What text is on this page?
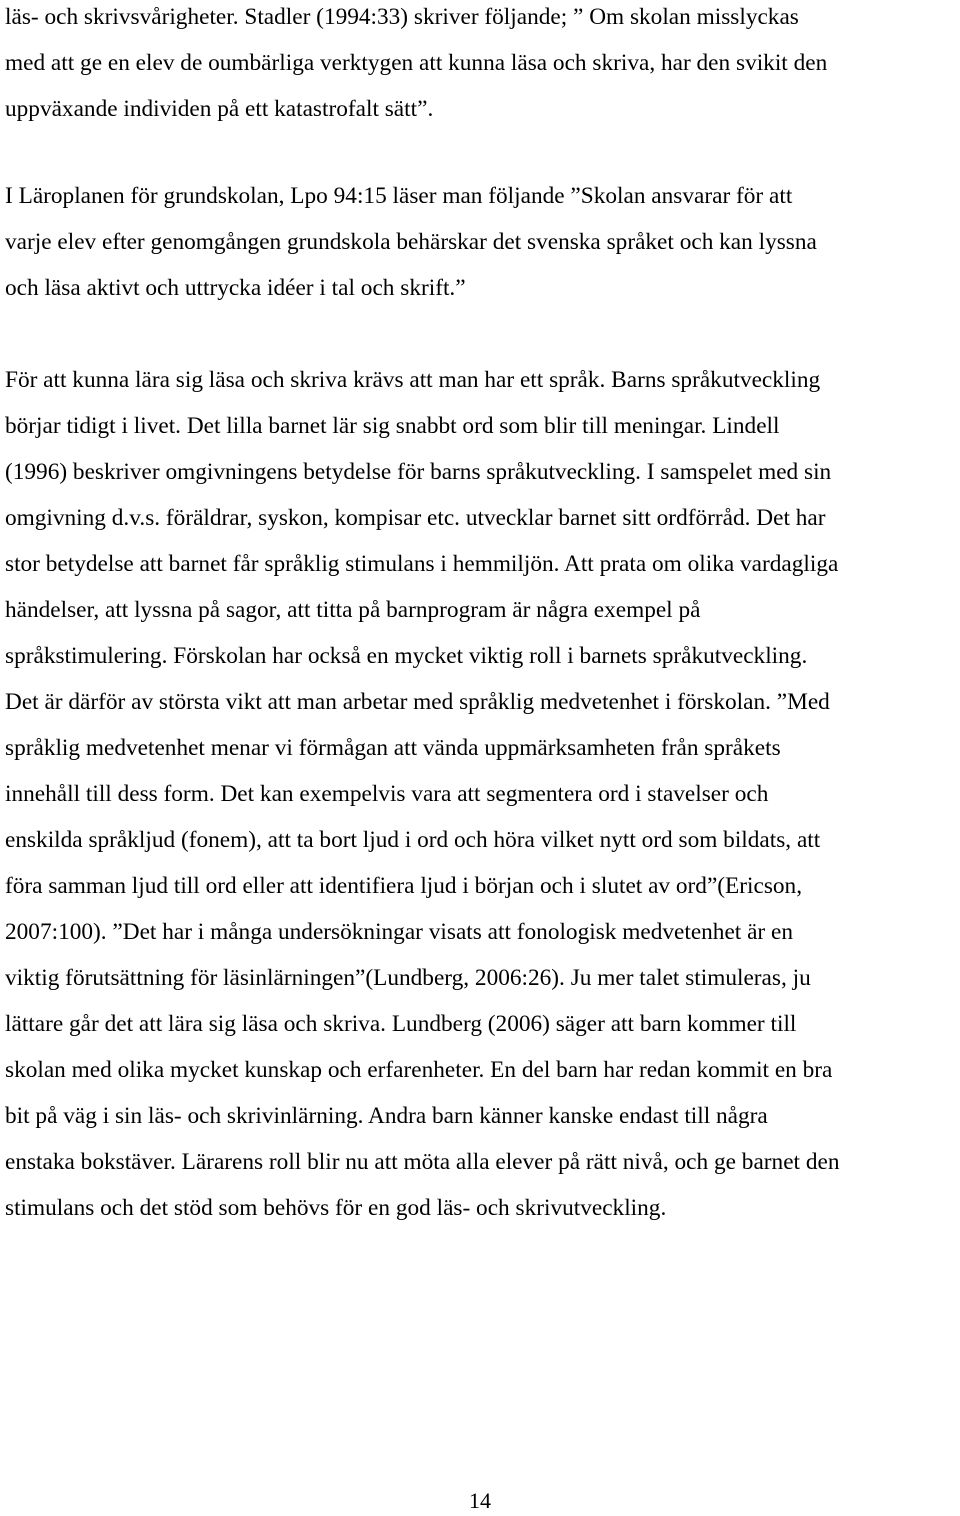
läs- och skrivsvårigheter. Stadler (1994:33) skriver följande; ” Om skolan misslyckas
med att ge en elev de oumbärliga verktygen att kunna läsa och skriva, har den svikit den
uppväxande individen på ett katastrofalt sätt”.
I Läroplanen för grundskolan, Lpo 94:15 läser man följande ”Skolan ansvarar för att
varje elev efter genomgången grundskola behärskar det svenska språket och kan lyssna
och läsa aktivt och uttrycka idéer i tal och skrift.”
För att kunna lära sig läsa och skriva krävs att man har ett språk. Barns språkutveckling
börjar tidigt i livet. Det lilla barnet lär sig snabbt ord som blir till meningar. Lindell
(1996) beskriver omgivningens betydelse för barns språkutveckling. I samspelet med sin
omgivning d.v.s. föräldrar, syskon, kompisar etc. utvecklar barnet sitt ordförråd. Det har
stor betydelse att barnet får språklig stimulans i hemmiljön. Att prata om olika vardagliga
händelser, att lyssna på sagor, att titta på barnprogram är några exempel på
språkstimulering. Förskolan har också en mycket viktig roll i barnets språkutveckling.
Det är därför av största vikt att man arbetar med språklig medvetenhet i förskolan. ”Med
språklig medvetenhet menar vi förmågan att vända uppmärksamheten från språkets
innehåll till dess form. Det kan exempelvis vara att segmentera ord i stavelser och
enskilda språkljud (fonem), att ta bort ljud i ord och höra vilket nytt ord som bildats, att
föra samman ljud till ord eller att identifiera ljud i början och i slutet av ord”(Ericson,
2007:100). ”Det har i många undersökningar visats att fonologisk medvetenhet är en
viktig förutsättning för läsinlärningen”(Lundberg, 2006:26). Ju mer talet stimuleras, ju
lättare går det att lära sig läsa och skriva. Lundberg (2006) säger att barn kommer till
skolan med olika mycket kunskap och erfarenheter. En del barn har redan kommit en bra
bit på väg i sin läs- och skrivinlärning. Andra barn känner kanske endast till några
enstaka bokstäver. Lärarens roll blir nu att möta alla elever på rätt nivå, och ge barnet den
stimulans och det stöd som behövs för en god läs- och skrivutveckling.
14
